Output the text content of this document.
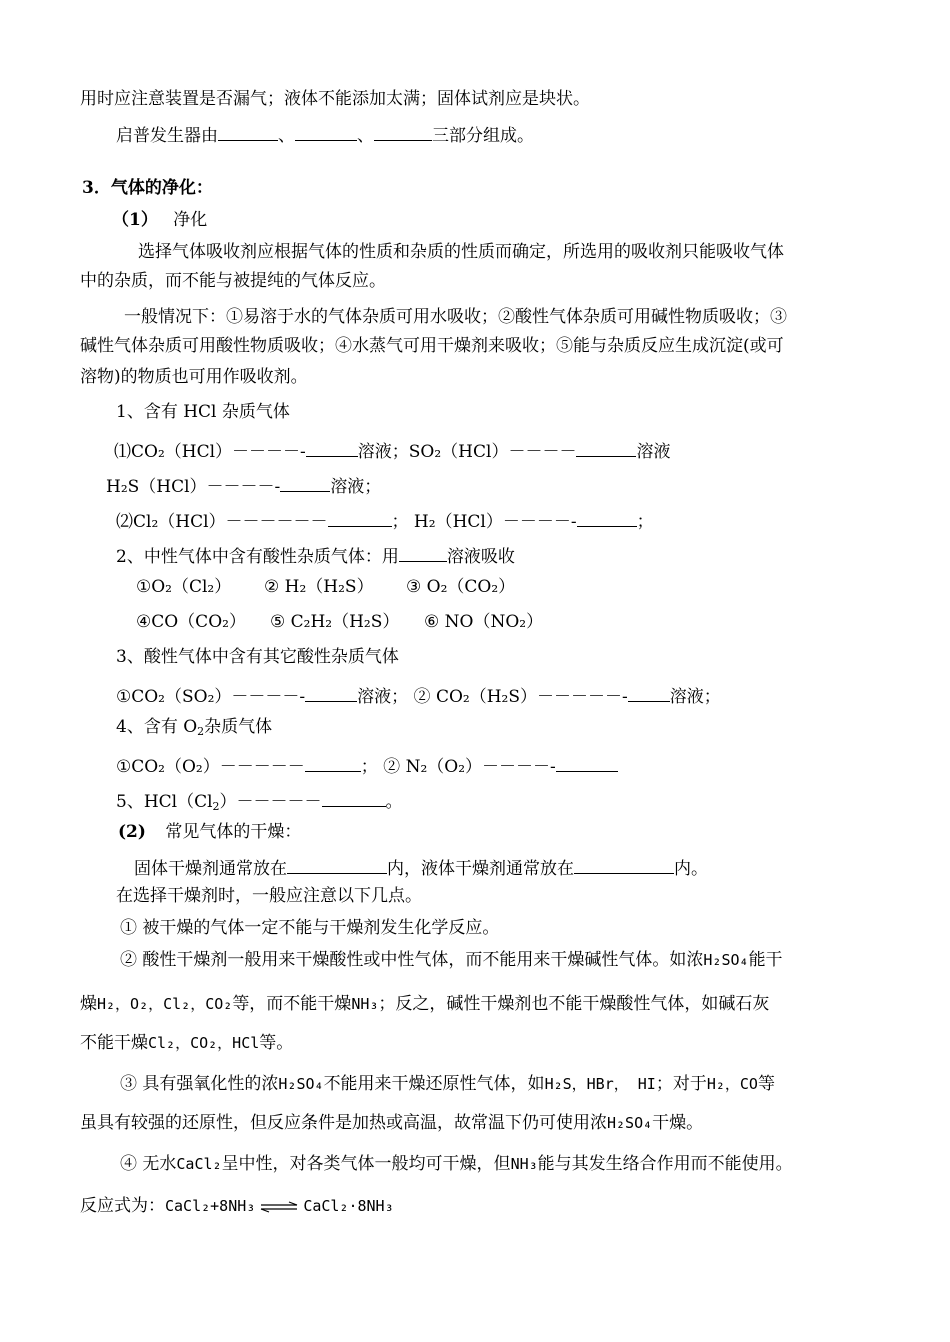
用时应注意装置是否漏气；液体不能添加太满；固体试剂应是块状。
启普发生器由	、	、	三部分组成。
3．气体的净化：
（1） 净化
选择气体吸收剂应根据气体的性质和杂质的性质而确定，所选用的吸收剂只能吸收气体
中的杂质，而不能与被提纯的气体反应。
一般情况下：①易溶于水的气体杂质可用水吸收；②酸性气体杂质可用碱性物质吸收；③
碱性气体杂质可用酸性物质吸收；④水蒸气可用干燥剂来吸收；⑤能与杂质反应生成沉淀(或可
溶物)的物质也可用作吸收剂。
1、含有 HCl 杂质气体
⑴CO₂（HCl）－－－－-	溶液；SO₂（HCl）－－－－	溶液
H₂S（HCl）－－－－-	溶液；
⑵Cl₂（HCl）－－－－－－	； H₂（HCl）－－－－-	；
2、中性气体中含有酸性杂质气体：用	溶液吸收
①O₂（Cl₂） ② H₂（H₂S） ③ O₂（CO₂）
④CO（CO₂） ⑤ C₂H₂（H₂S） ⑥ NO（NO₂）
3、酸性气体中含有其它酸性杂质气体
①CO₂（SO₂）－－－－-	溶液； ② CO₂（H₂S）－－－－－- 溶液；
4、含有 $O_2$杂质气体
①CO₂（O₂）－－－－－	； ② N₂（O₂）－－－－-
5、$HCl(Cl_2)-----$	。
(2) 常见气体的干燥：
固体干燥剂通常放在	内，液体干燥剂通常放在	内。
在选择干燥剂时，一般应注意以下几点。
① 被干燥的气体一定不能与干燥剂发生化学反应。
② 酸性干燥剂一般用来干燥酸性或中性气体，而不能用来干燥碱性气体。如浓H₂SO₄能干
燥H₂，O₂，Cl₂，CO₂等，而不能干燥NH₃；反之，碱性干燥剂也不能干燥酸性气体，如碱石灰
不能干燥Cl₂，CO₂，HCl等。
③ 具有强氧化性的浓H₂SO₄不能用来干燥还原性气体，如H₂S，HBr， HI；对于H₂，CO等
虽具有较强的还原性，但反应条件是加热或高温，故常温下仍可使用浓H₂SO₄干燥。
④ 无水CaCl₂呈中性，对各类气体一般均可干燥，但NH₃能与其发生络合作用而不能使用。
反应式为：CaCl₂+8NH₃ ⇌ CaCl₂·8NH₃
